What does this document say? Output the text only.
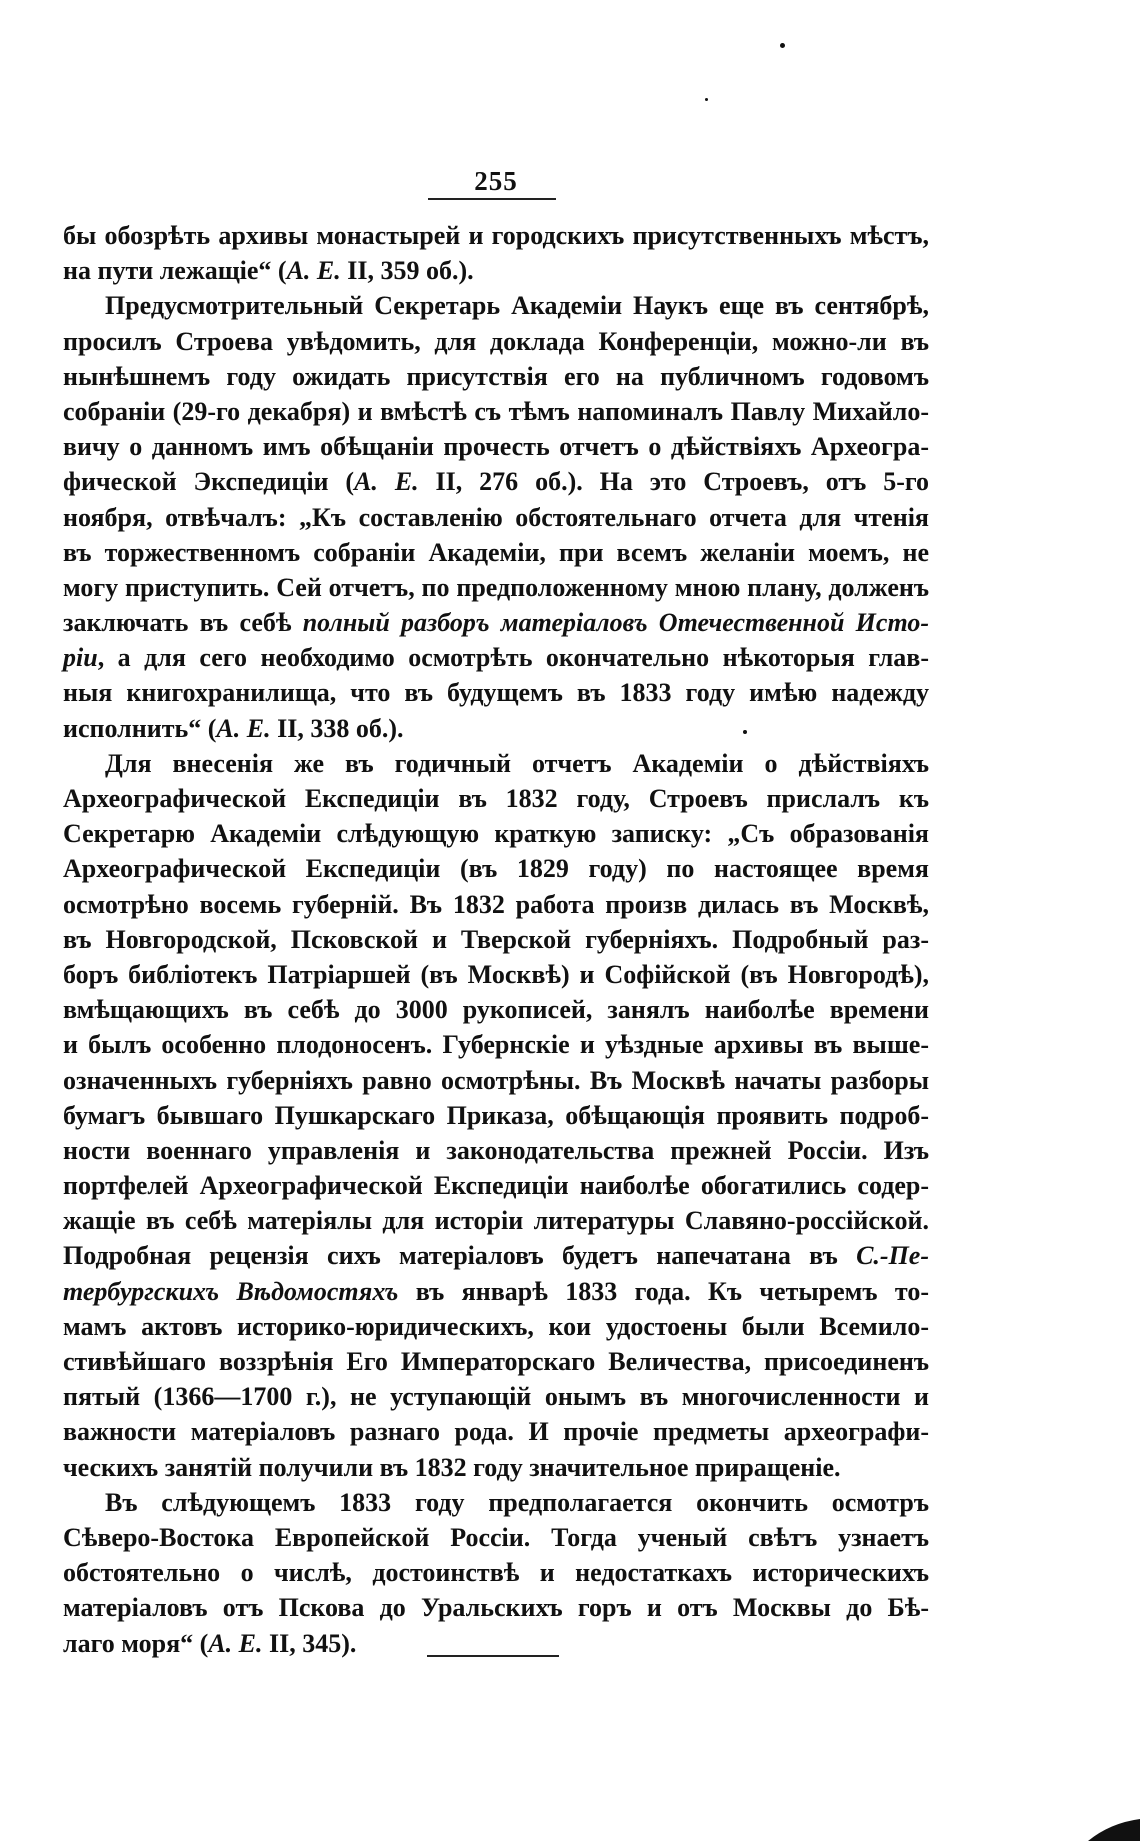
255
бы обозрѣть архивы монастырей и городскихъ присутственныхъ мѣстъ,
на пути лежащіе“ (А. Е. II, 359 об.).
Предусмотрительный Секретарь Академіи Наукъ еще въ сентябрѣ,
просилъ Строева увѣдомить, для доклада Конференціи, можно-ли въ
нынѣшнемъ году ожидать присутствія его на публичномъ годовомъ
собраніи (29-го декабря) и вмѣстѣ съ тѣмъ напоминалъ Павлу Михайло-
вичу о данномъ имъ обѣщаніи прочесть отчетъ о дѣйствіяхъ Археогра-
фической Экспедиціи (А. Е. II, 276 об.). На это Строевъ, отъ 5-го
ноября, отвѣчалъ: „Къ составленію обстоятельнаго отчета для чтенія
въ торжественномъ собраніи Академіи, при всемъ желаніи моемъ, не
могу приступить. Сей отчетъ, по предположенному мною плану, долженъ
заключать въ себѣ полный разборъ матеріаловъ Отечественной Исто-
ріи, а для сего необходимо осмотрѣть окончательно нѣкоторыя глав-
ныя книгохранилища, что въ будущемъ въ 1833 году имѣю надежду
исполнить“ (А. Е. II, 338 об.).
Для внесенія же въ годичный отчетъ Академіи о дѣйствіяхъ
Археографической Експедиціи въ 1832 году, Строевъ прислалъ къ
Секретарю Академіи слѣдующую краткую записку: „Съ образованія
Археографической Експедиціи (въ 1829 году) по настоящее время
осмотрѣно восемь губерній. Въ 1832 работа произв дилась въ Москвѣ,
въ Новгородской, Псковской и Тверской губерніяхъ. Подробный раз-
боръ библіотекъ Патріаршей (въ Москвѣ) и Софійской (въ Новгородѣ),
вмѣщающихъ въ себѣ до 3000 рукописей, занялъ наиболѣе времени
и былъ особенно плодоносенъ. Губернскіе и уѣздные архивы въ выше-
означенныхъ губерніяхъ равно осмотрѣны. Въ Москвѣ начаты разборы
бумагъ бывшаго Пушкарскаго Приказа, обѣщающія проявить подроб-
ности военнаго управленія и законодательства прежней Россіи. Изъ
портфелей Археографической Експедиціи наиболѣе обогатились содер-
жащіе въ себѣ матеріялы для исторіи литературы Славяно-россійской.
Подробная рецензія сихъ матеріаловъ будетъ напечатана въ С.-Пе-
тербургскихъ Вѣдомостяхъ въ январѣ 1833 года. Къ четыремъ то-
мамъ актовъ историко-юридическихъ, кои удостоены были Всемило-
стивѣйшаго воззрѣнія Его Императорскаго Величества, присоединенъ
пятый (1366—1700 г.), не уступающій онымъ въ многочисленности и
важности матеріаловъ разнаго рода. И прочіе предметы археографи-
ческихъ занятій получили въ 1832 году значительное приращеніе.
Въ слѣдующемъ 1833 году предполагается окончить осмотръ
Сѣверо-Востока Европейской Россіи. Тогда ученый свѣтъ узнаетъ
обстоятельно о числѣ, достоинствѣ и недостаткахъ историческихъ
матеріаловъ отъ Пскова до Уральскихъ горъ и отъ Москвы до Бѣ-
лаго моря“ (А. Е. II, 345).
